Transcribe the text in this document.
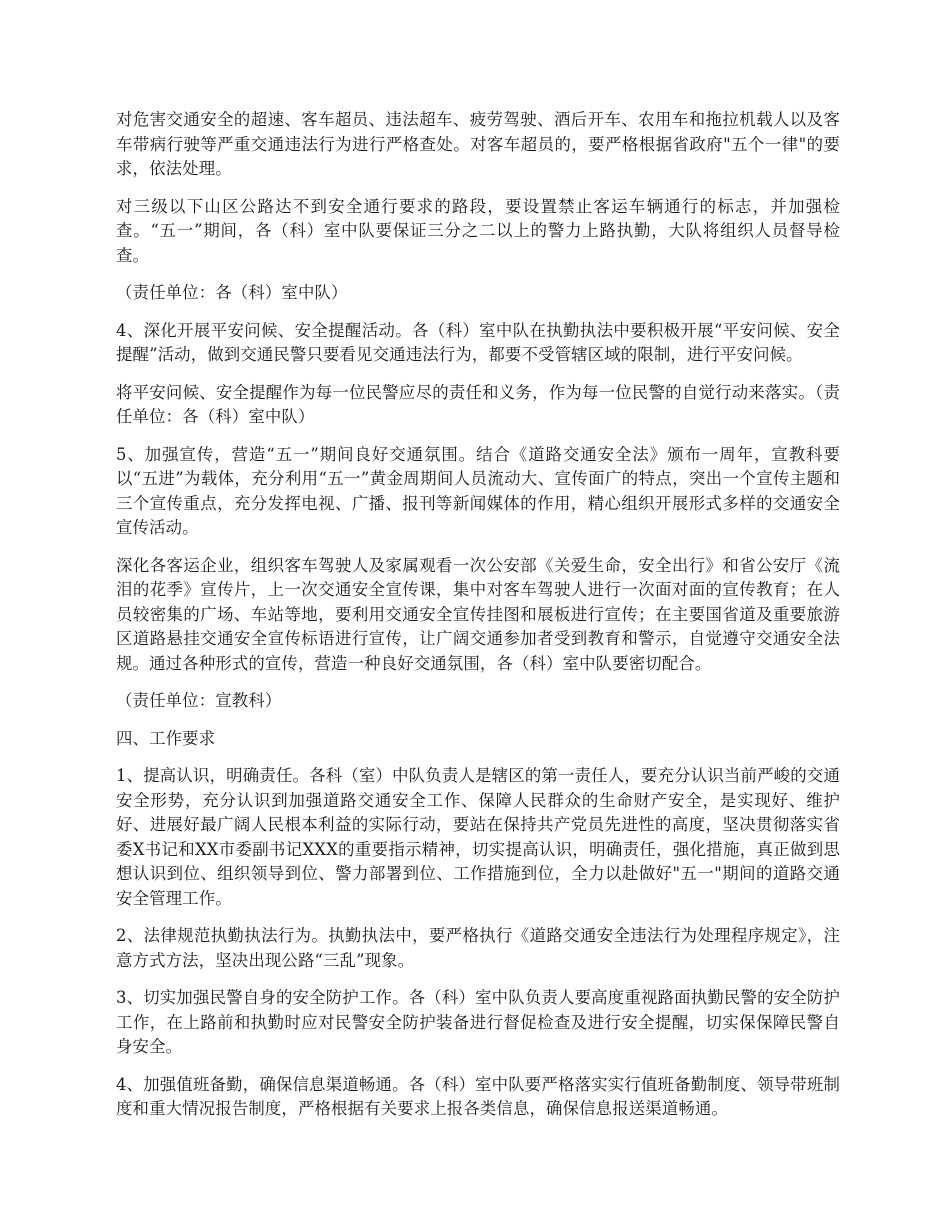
对危害交通安全的超速、客车超员、违法超车、疲劳驾驶、酒后开车、农用车和拖拉机载人以及客车带病行驶等严重交通违法行为进行严格查处。对客车超员的，要严格根据省政府"五个一律"的要求，依法处理。

对三级以下山区公路达不到安全通行要求的路段，要设置禁止客运车辆通行的标志，并加强检查。“五一”期间，各（科）室中队要保证三分之二以上的警力上路执勤，大队将组织人员督导检查。

（责任单位：各（科）室中队）

4、深化开展平安问候、安全提醒活动。各（科）室中队在执勤执法中要积极开展“平安问候、安全提醒”活动，做到交通民警只要看见交通违法行为，都要不受管辖区域的限制，进行平安问候。

将平安问候、安全提醒作为每一位民警应尽的责任和义务，作为每一位民警的自觉行动来落实。（责任单位：各（科）室中队）

5、加强宣传，营造“五一”期间良好交通氛围。结合《道路交通安全法》颁布一周年，宣教科要以“五进”为载体，充分利用“五一”黄金周期间人员流动大、宣传面广的特点，突出一个宣传主题和三个宣传重点，充分发挥电视、广播、报刊等新闻媒体的作用，精心组织开展形式多样的交通安全宣传活动。

深化各客运企业，组织客车驾驶人及家属观看一次公安部《关爱生命，安全出行》和省公安厅《流泪的花季》宣传片，上一次交通安全宣传课，集中对客车驾驶人进行一次面对面的宣传教育；在人员较密集的广场、车站等地，要利用交通安全宣传挂图和展板进行宣传；在主要国省道及重要旅游区道路悬挂交通安全宣传标语进行宣传，让广阔交通参加者受到教育和警示，自觉遵守交通安全法规。通过各种形式的宣传，营造一种良好交通氛围，各（科）室中队要密切配合。

（责任单位：宣教科）

四、工作要求

1、提高认识，明确责任。各科（室）中队负责人是辖区的第一责任人，要充分认识当前严峻的交通安全形势，充分认识到加强道路交通安全工作、保障人民群众的生命财产安全，是实现好、维护好、进展好最广阔人民根本利益的实际行动，要站在保持共产党员先进性的高度，坚决贯彻落实省委X书记和XX市委副书记XXX的重要指示精神，切实提高认识，明确责任，强化措施，真正做到思想认识到位、组织领导到位、警力部署到位、工作措施到位，全力以赴做好"五一"期间的道路交通安全管理工作。

2、法律规范执勤执法行为。执勤执法中，要严格执行《道路交通安全违法行为处理程序规定》，注意方式方法，坚决出现公路“三乱”现象。

3、切实加强民警自身的安全防护工作。各（科）室中队负责人要高度重视路面执勤民警的安全防护工作，在上路前和执勤时应对民警安全防护装备进行督促检查及进行安全提醒，切实保保障民警自身安全。

4、加强值班备勤，确保信息渠道畅通。各（科）室中队要严格落实实行值班备勤制度、领导带班制度和重大情况报告制度，严格根据有关要求上报各类信息，确保信息报送渠道畅通。
